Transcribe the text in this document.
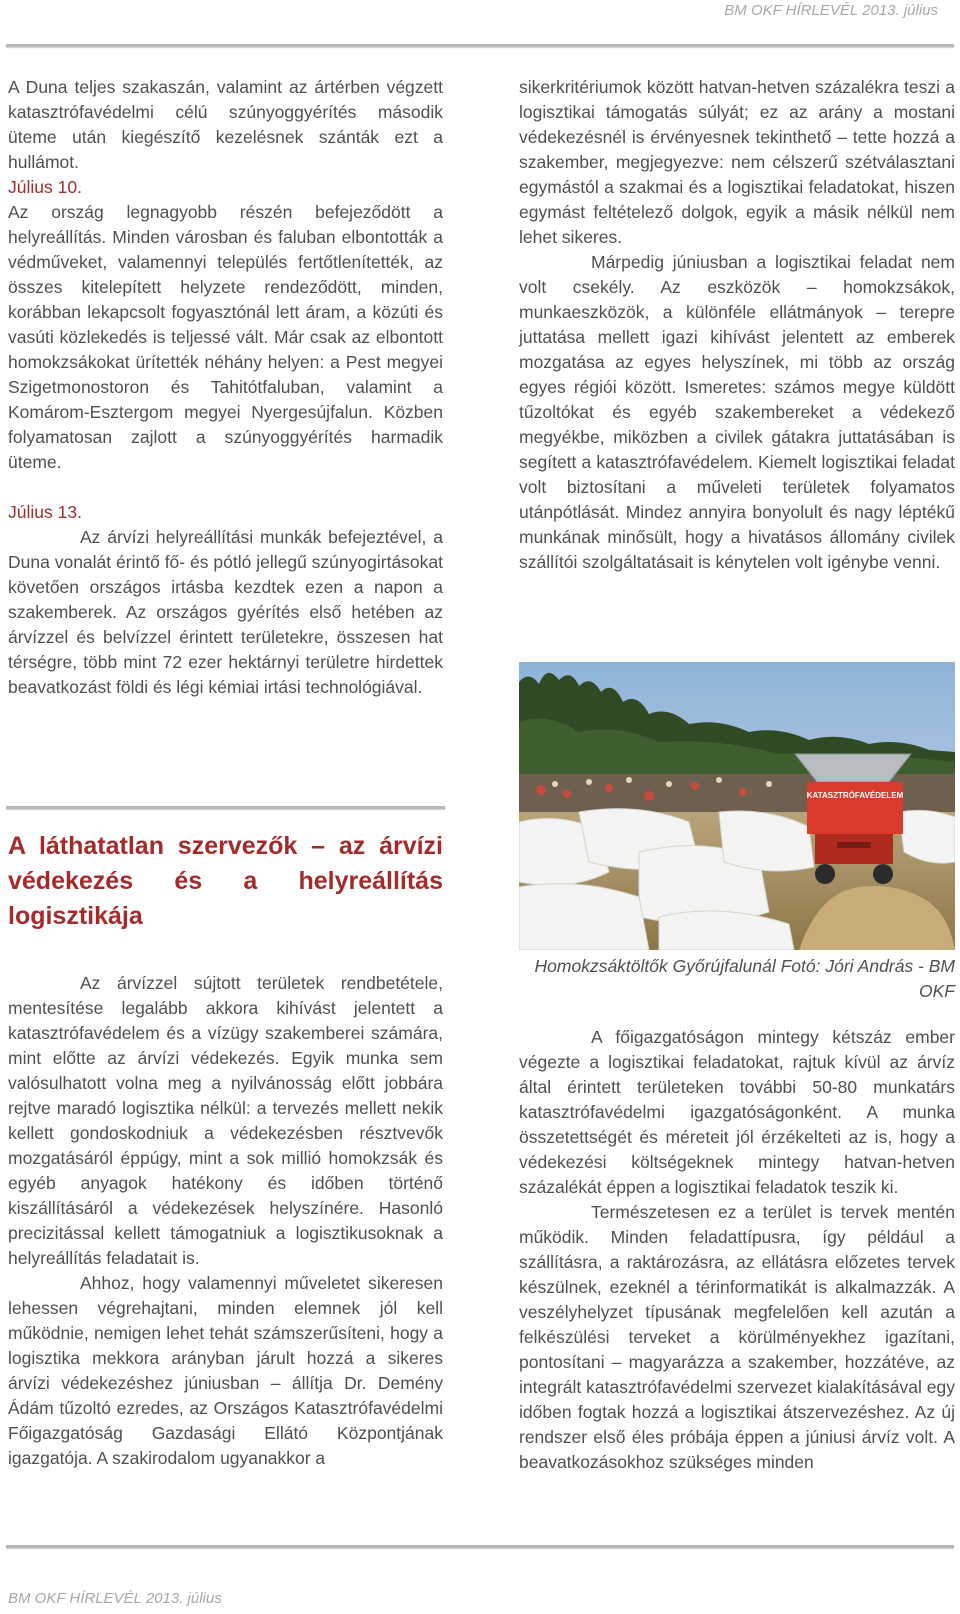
BM OKF HÍRLEVÉL 2013. július

A Duna teljes szakaszán, valamint az ártérben végzett katasztrófavédelmi célú szúnyoggyérítés második üteme után kiegészítő kezelésnek szánták ezt a hullámot.

Július 10.

Az ország legnagyobb részén befejeződött a helyreállítás. Minden városban és faluban elbontották a védműveket, valamennyi település fertőtlenítették, az összes kitelepített helyzete rendeződött, minden, korábban lekapcsolt fogyasztónál lett áram, a közúti és vasúti közlekedés is teljessé vált. Már csak az elbontott homokzsákokat ürítették néhány helyen: a Pest megyei Szigetmonostoron és Tahitótfaluban, valamint a Komárom-Esztergom megyei Nyergesújfalun. Közben folyamatosan zajlott a szúnyoggyérítés harmadik üteme.

Július 13.

Az árvízi helyreállítási munkák befejeztével, a Duna vonalát érintő fő- és pótló jellegű szúnyogirtásokat követően országos irtásba kezdtek ezen a napon a szakemberek. Az országos gyérítés első hetében az árvízzel és belvízzel érintett területekre, összesen hat térségre, több mint 72 ezer hektárnyi területre hirdettek beavatkozást földi és légi kémiai irtási technológiával.

A láthatatlan szervezők – az árvízi védekezés és a helyreállítás logisztikája

Az árvízzel sújtott területek rendbetétele, mentesítése legalább akkora kihívást jelentett a katasztrófavédelem és a vízügy szakemberei számára, mint előtte az árvízi védekezés. Egyik munka sem valósulhatott volna meg a nyilvánosság előtt jobbára rejtve maradó logisztika nélkül: a tervezés mellett nekik kellett gondoskodniuk a védekezésben résztvevők mozgatásáról éppúgy, mint a sok millió homokzsák és egyéb anyagok hatékony és időben történő kiszállításáról a védekezések helyszínére. Hasonló precizitással kellett támogatniuk a logisztikusoknak a helyreállítás feladatait is.

Ahhoz, hogy valamennyi műveletet sikeresen lehessen végrehajtani, minden elemnek jól kell működnie, nemigen lehet tehát számszerűsíteni, hogy a logisztika mekkora arányban járult hozzá a sikeres árvízi védekezéshez júniusban – állítja Dr. Demény Ádám tűzoltó ezredes, az Országos Katasztrófavédelmi Főigazgatóság Gazdasági Ellátó Központjának igazgatója. A szakirodalom ugyanakkor a

sikerkritériumok között hatvan-hetven százalékra teszi a logisztikai támogatás súlyát; ez az arány a mostani védekezésnél is érvényesnek tekinthető – tette hozzá a szakember, megjegyezve: nem célszerű szétválasztani egymástól a szakmai és a logisztikai feladatokat, hiszen egymást feltételező dolgok, egyik a másik nélkül nem lehet sikeres.

Márpedig júniusban a logisztikai feladat nem volt csekély. Az eszközök – homokzsákok, munkaeszközök, a különféle ellátmányok – terepre juttatása mellett igazi kihívást jelentett az emberek mozgatása az egyes helyszínek, mi több az ország egyes régiói között. Ismeretes: számos megye küldött tűzoltókat és egyéb szakembereket a védekező megyékbe, miközben a civilek gátakra juttatásában is segített a katasztrófavédelem. Kiemelt logisztikai feladat volt biztosítani a műveleti területek folyamatos utánpótlását. Mindez annyira bonyolult és nagy léptékű munkának minősült, hogy a hivatásos állomány civilek szállítói szolgáltatásait is kénytelen volt igénybe venni.

KATASZTRÓFAVÉDELEM
Homokzsáktöltők Győrújfalunál Fotó: Jóri András - BM OKF

A főigazgatóságon mintegy kétszáz ember végezte a logisztikai feladatokat, rajtuk kívül az árvíz által érintett területeken további 50-80 munkatárs katasztrófavédelmi igazgatóságonként. A munka összetettségét és méreteit jól érzékelteti az is, hogy a védekezési költségeknek mintegy hatvan-hetven százalékát éppen a logisztikai feladatok teszik ki.

Természetesen ez a terület is tervek mentén működik. Minden feladattípusra, így például a szállításra, a raktározásra, az ellátásra előzetes tervek készülnek, ezeknél a térinformatikát is alkalmazzák. A veszélyhelyzet típusának megfelelően kell azután a felkészülési terveket a körülményekhez igazítani, pontosítani – magyarázza a szakember, hozzátéve, az integrált katasztrófavédelmi szervezet kialakításával egy időben fogtak hozzá a logisztikai átszervezéshez. Az új rendszer első éles próbája éppen a júniusi árvíz volt. A beavatkozásokhoz szükséges minden

BM OKF HÍRLEVÉL 2013. július
